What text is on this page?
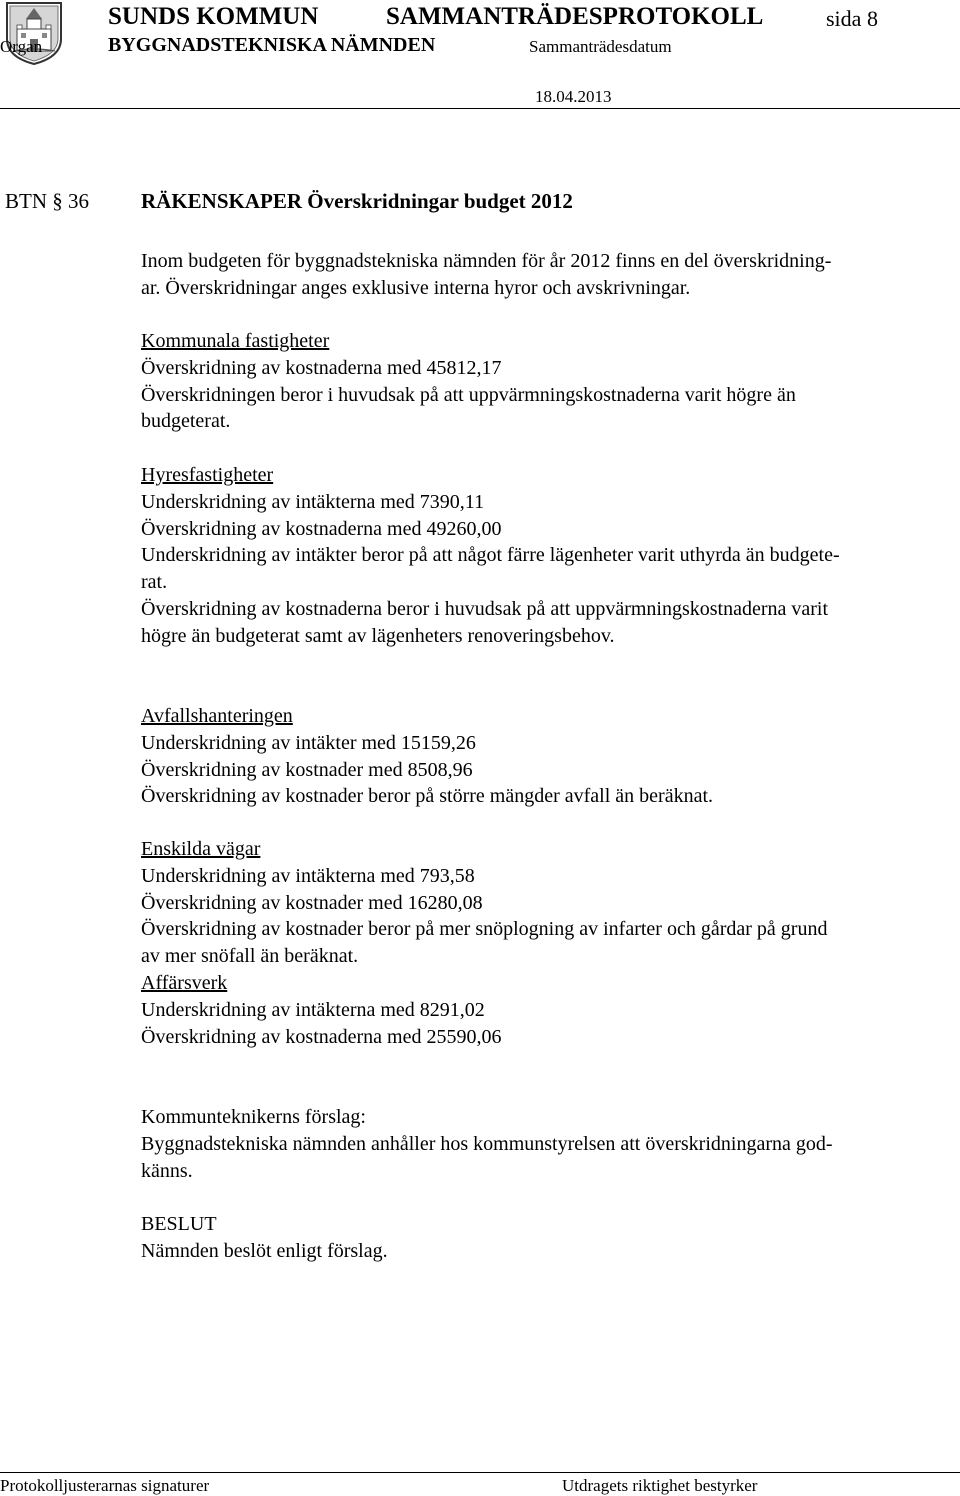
SUNDS KOMMUN	SAMMANTRÄDESPROTOKOLL	sida 8
Organ	BYGGNADSTEKNISKA NÄMNDEN	Sammanträdesdatum
18.04.2013
BTN § 36 RÄKENSKAPER Överskridningar budget 2012

Inom budgeten för byggnadstekniska nämnden för år 2012 finns en del överskridning-

ar. Överskridningar anges exklusive interna hyror och avskrivningar.

Kommunala fastigheter

Överskridning av kostnaderna med 45812,17

Överskridningen beror i huvudsak på att uppvärmningskostnaderna varit högre än

budgeterat.

Hyresfastigheter

Underskridning av intäkterna med 7390,11

Överskridning av kostnaderna med 49260,00

Underskridning av intäkter beror på att något färre lägenheter varit uthyrda än budgete-

rat.

Överskridning av kostnaderna beror i huvudsak på att uppvärmningskostnaderna varit

högre än budgeterat samt av lägenheters renoveringsbehov.

Avfallshanteringen

Underskridning av intäkter med 15159,26

Överskridning av kostnader med 8508,96

Överskridning av kostnader beror på större mängder avfall än beräknat.

Enskilda vägar

Underskridning av intäkterna med 793,58

Överskridning av kostnader med 16280,08

Överskridning av kostnader beror på mer snöplogning av infarter och gårdar på grund

av mer snöfall än beräknat.

Affärsverk

Underskridning av intäkterna med 8291,02

Överskridning av kostnaderna med 25590,06

Kommunteknikerns förslag:

Byggnadstekniska nämnden anhåller hos kommunstyrelsen att överskridningarna god-

känns.

BESLUT

Nämnden beslöt enligt förslag.

Protokolljusterarnas signaturer	Utdragets riktighet bestyrker
